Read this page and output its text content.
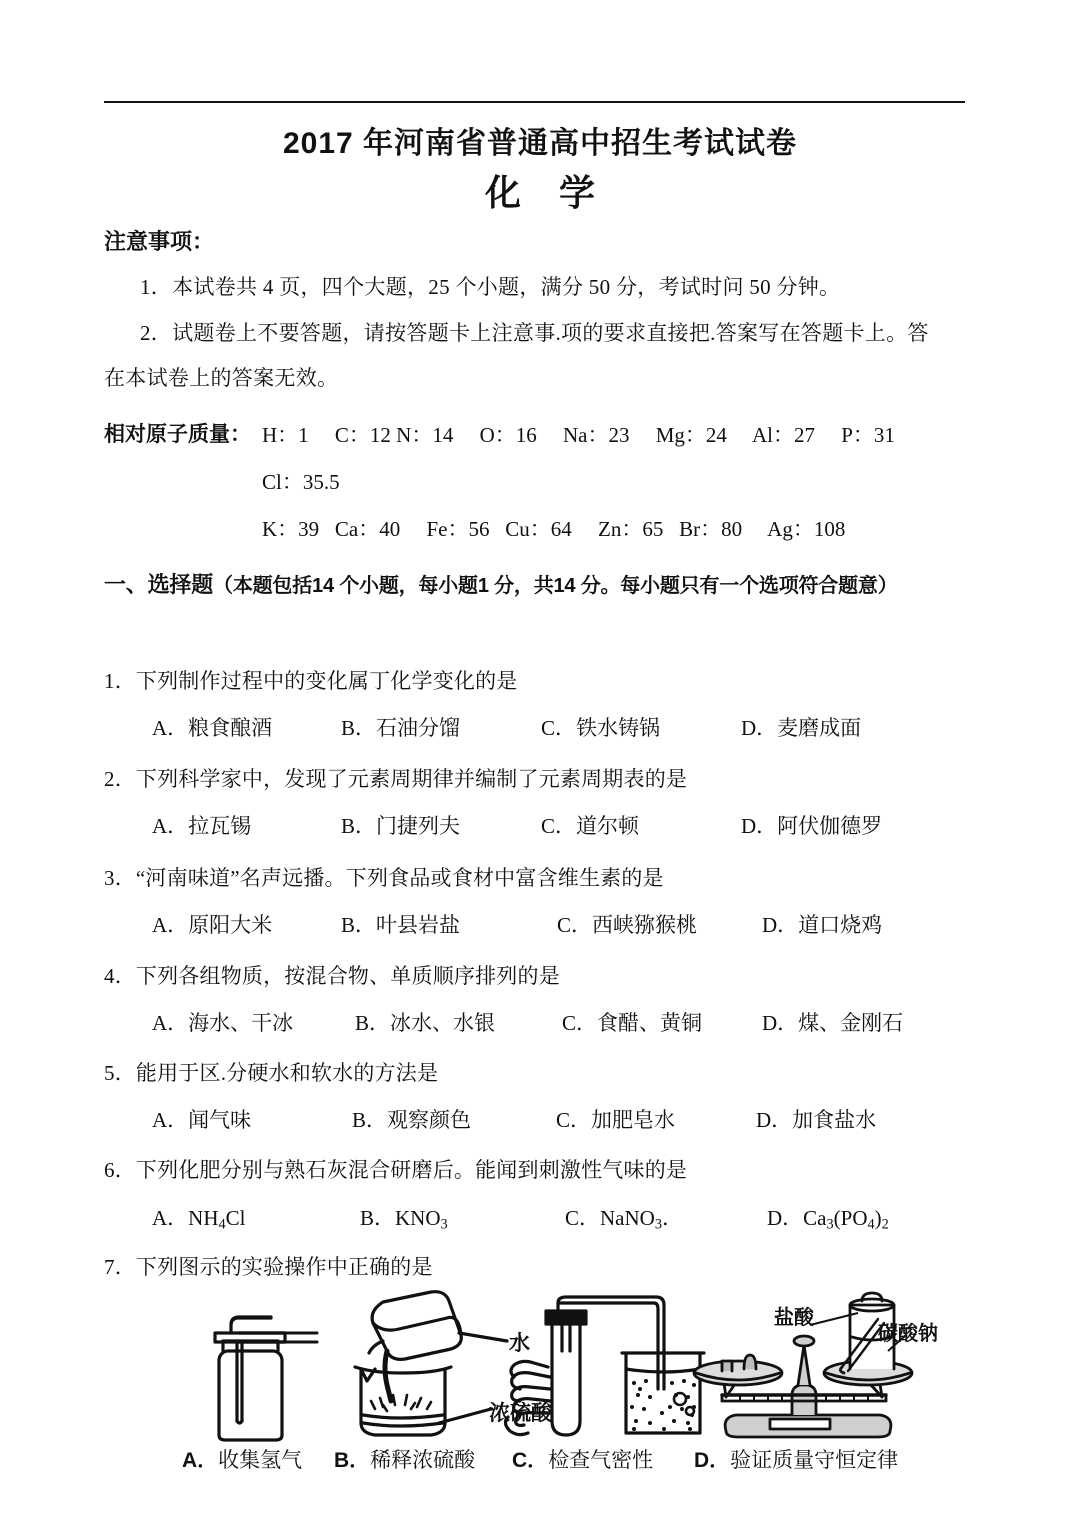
2017 年河南省普通高中招生考试试卷
化 学
注意事项：
1．本试卷共 4 页，四个大题，25 个小题，满分 50 分，考试时问 50 分钟。
2．试题卷上不要答题，请按答题卡上注意事.项的要求直接把.答案写在答题卡上。答
在本试卷上的答案无效。
相对原子质量： H：1     C：12 N：14     O：16     Na：23     Mg：24     Al：27     P：31
Cl：35.5
K：39   Ca：40     Fe：56   Cu：64     Zn：65   Br：80     Ag：108
一、选择题（本题包括14 个小题，每小题1 分，共14 分。每小题只有一个选项符合题意）
1．下列制作过程中的变化属丁化学变化的是
A．粮食酿酒	B．石油分馏	C．铁水铸锅	D．麦磨成面
2．下列科学家中，发现了元素周期律并编制了元素周期表的是
A．拉瓦锡	B．门捷列夫	C．道尔顿	D．阿伏伽德罗
3．“河南味道”名声远播。下列食品或食材中富含维生素的是
A．原阳大米	B．叶县岩盐	C．西峡猕猴桃	D．道口烧鸡
4．下列各组物质，按混合物、单质顺序排列的是
A．海水、干冰	B．冰水、水银	C．食醋、黄铜	D．煤、金刚石
5．能用于区.分硬水和软水的方法是
A．闻气味	B．观察颜色	C．加肥皂水	D．加食盐水
6．下列化肥分别与熟石灰混合研磨后。能闻到刺激性气味的是
A．$NH_4Cl$	B．$KNO_3$	C．NaNO$_3$．	D．$Ca_3(PO_4)_2$
7．下列图示的实验操作中正确的是
水
浓硫酸
盐酸
碳酸钠
A．收集氢气 B．稀释浓硫酸 C．检查气密性 D．验证质量守恒定律
